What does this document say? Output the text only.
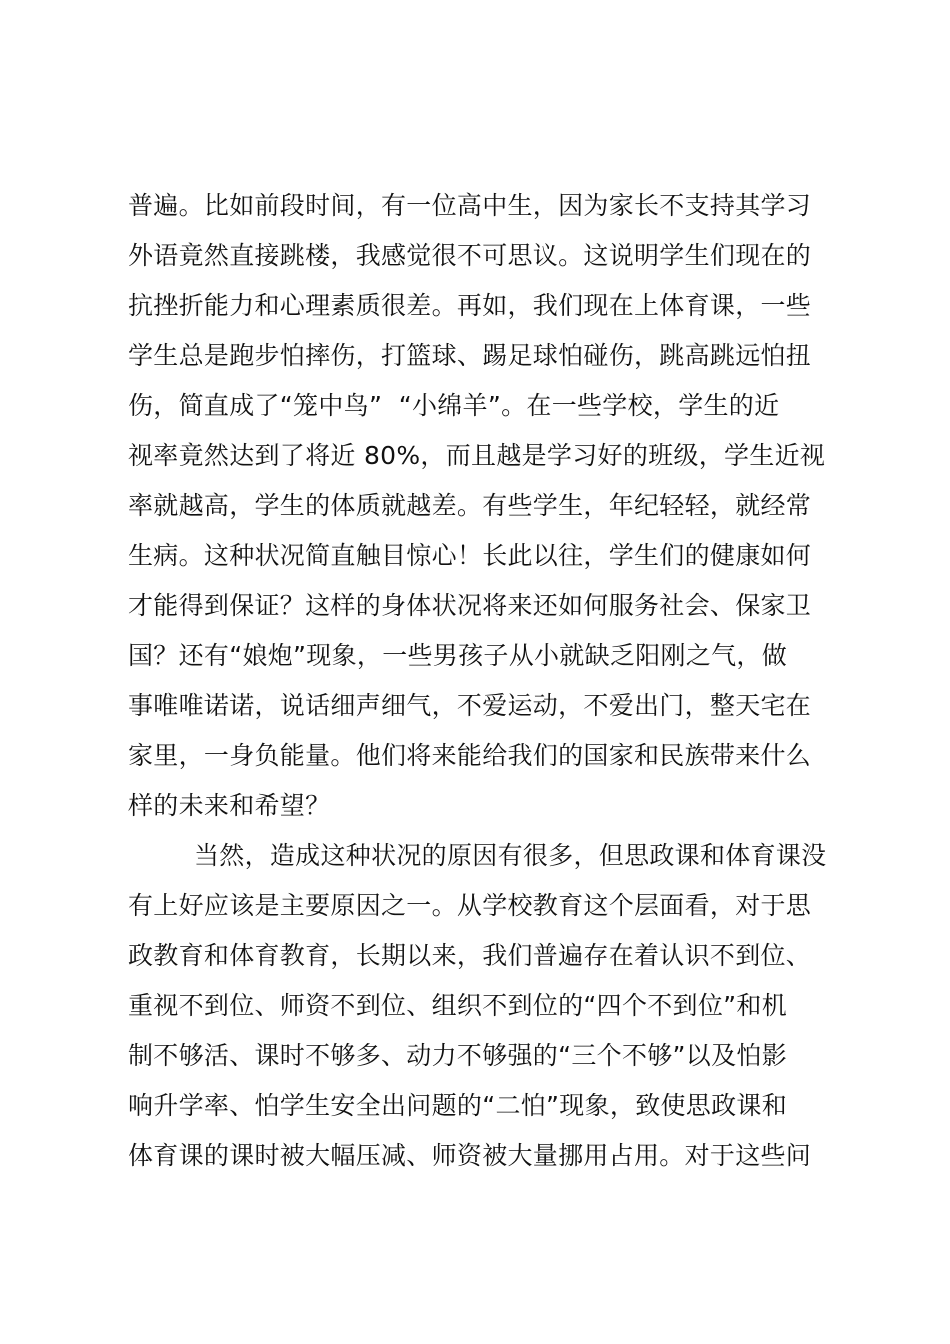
普遍。比如前段时间，有一位高中生，因为家长不支持其学习
外语竟然直接跳楼，我感觉很不可思议。这说明学生们现在的
抗挫折能力和心理素质很差。再如，我们现在上体育课，一些
学生总是跑步怕摔伤，打篮球、踢足球怕碰伤，跳高跳远怕扭
伤，简直成了“笼中鸟”  “小绵羊”。在一些学校，学生的近
视率竟然达到了将近 80%，而且越是学习好的班级，学生近视
率就越高，学生的体质就越差。有些学生，年纪轻轻，就经常
生病。这种状况简直触目惊心！长此以往，学生们的健康如何
才能得到保证？这样的身体状况将来还如何服务社会、保家卫
国？还有“娘炮”现象，一些男孩子从小就缺乏阳刚之气，做
事唯唯诺诺，说话细声细气，不爱运动，不爱出门，整天宅在
家里，一身负能量。他们将来能给我们的国家和民族带来什么
样的未来和希望？
当然，造成这种状况的原因有很多，但思政课和体育课没
有上好应该是主要原因之一。从学校教育这个层面看，对于思
政教育和体育教育，长期以来，我们普遍存在着认识不到位、
重视不到位、师资不到位、组织不到位的“四个不到位”和机
制不够活、课时不够多、动力不够强的“三个不够”以及怕影
响升学率、怕学生安全出问题的“二怕”现象，致使思政课和
体育课的课时被大幅压减、师资被大量挪用占用。对于这些问
